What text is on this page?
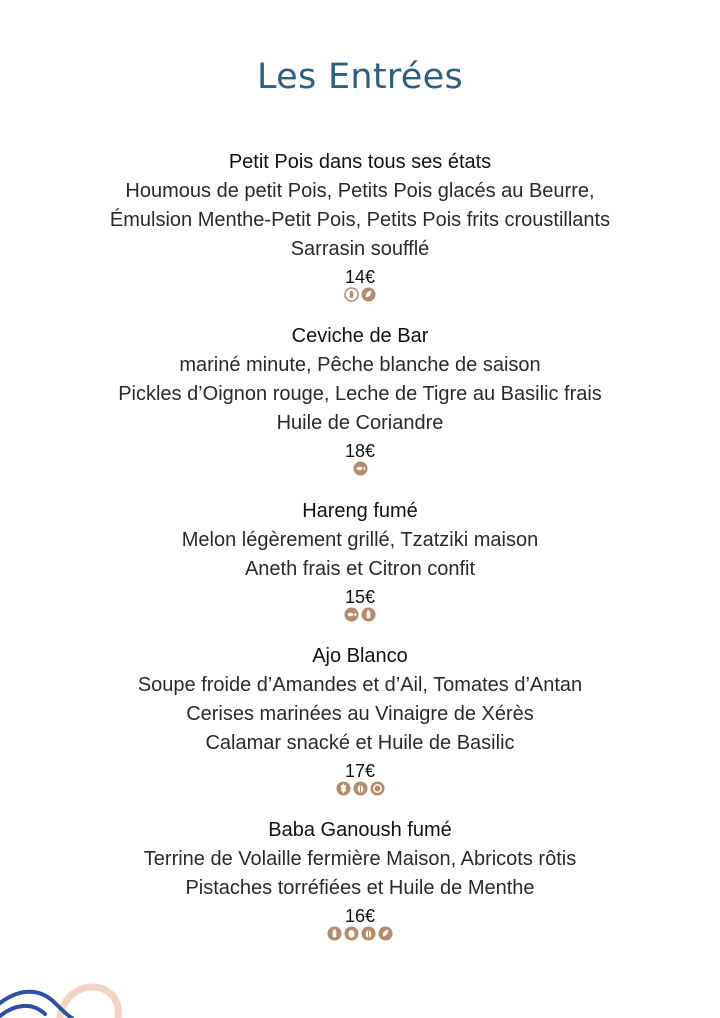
Les Entrées
Petit Pois dans tous ses états
Houmous de petit Pois, Petits Pois glacés au Beurre,
Émulsion Menthe-Petit Pois, Petits Pois frits croustillants
Sarrasin soufflé
14€
Ceviche de Bar
mariné minute, Pêche blanche de saison
Pickles d’Oignon rouge, Leche de Tigre au Basilic frais
Huile de Coriandre
18€
Hareng fumé
Melon légèrement grillé, Tzatziki maison
Aneth frais et Citron confit
15€
Ajo Blanco
Soupe froide d’Amandes et d’Ail, Tomates d’Antan
Cerises marinées au Vinaigre de Xérès
Calamar snacké et Huile de Basilic
17€
Baba Ganoush fumé
Terrine de Volaille fermière Maison, Abricots rôtis
Pistaches torréfiées et Huile de Menthe
16€
